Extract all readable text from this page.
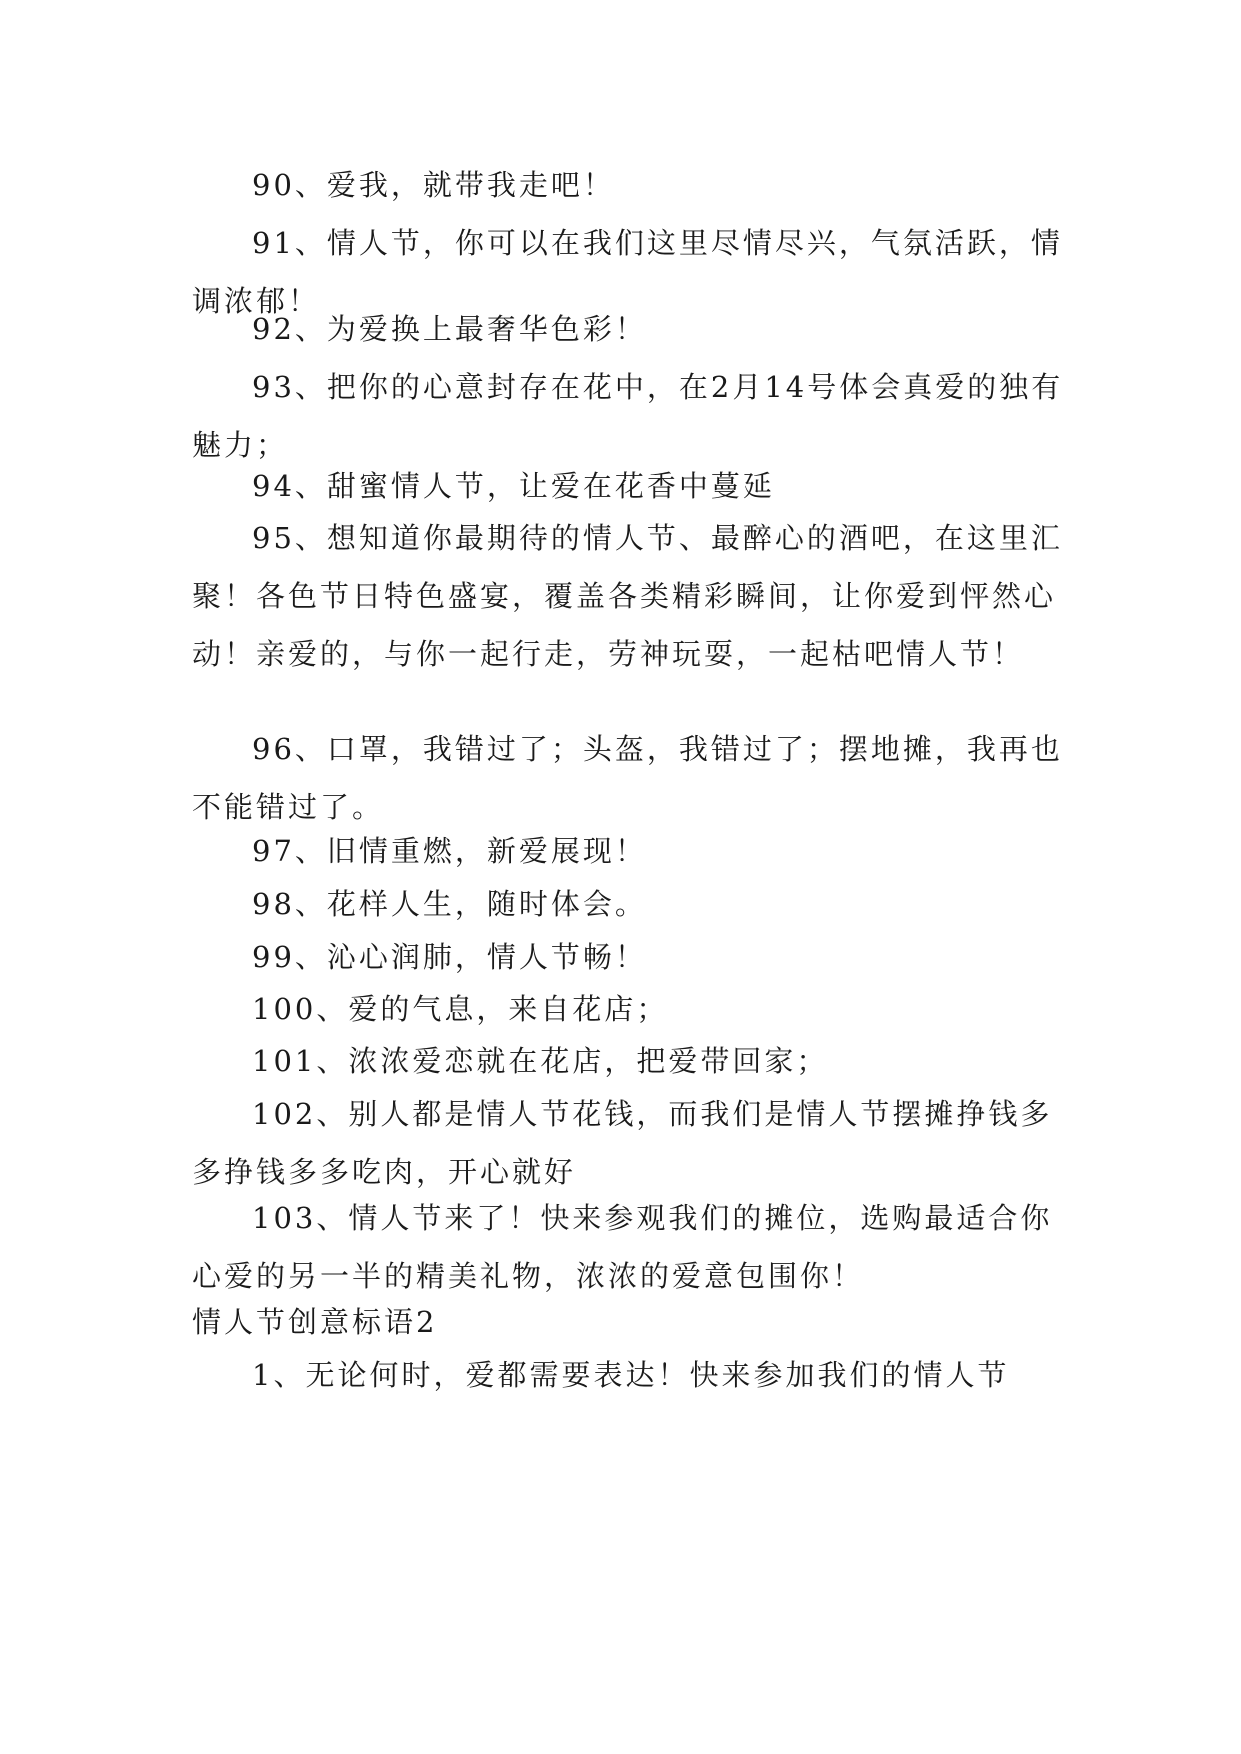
90、爱我，就带我走吧！

91、情人节，你可以在我们这里尽情尽兴，气氛活跃，情调浓郁！

92、为爱换上最奢华色彩！

93、把你的心意封存在花中，在2月14号体会真爱的独有魅力；

94、甜蜜情人节，让爱在花香中蔓延

95、想知道你最期待的情人节、最醉心的酒吧，在这里汇聚！各色节日特色盛宴，覆盖各类精彩瞬间，让你爱到怦然心动！亲爱的，与你一起行走，劳神玩耍，一起枯吧情人节！

96、口罩，我错过了；头盔，我错过了；摆地摊，我再也不能错过了。

97、旧情重燃，新爱展现！

98、花样人生，随时体会。

99、沁心润肺，情人节畅！

100、爱的气息，来自花店；

101、浓浓爱恋就在花店，把爱带回家；

102、别人都是情人节花钱，而我们是情人节摆摊挣钱多多挣钱多多吃肉，开心就好

103、情人节来了！快来参观我们的摊位，选购最适合你心爱的另一半的精美礼物，浓浓的爱意包围你！

情人节创意标语2

1、无论何时，爱都需要表达！快来参加我们的情人节
